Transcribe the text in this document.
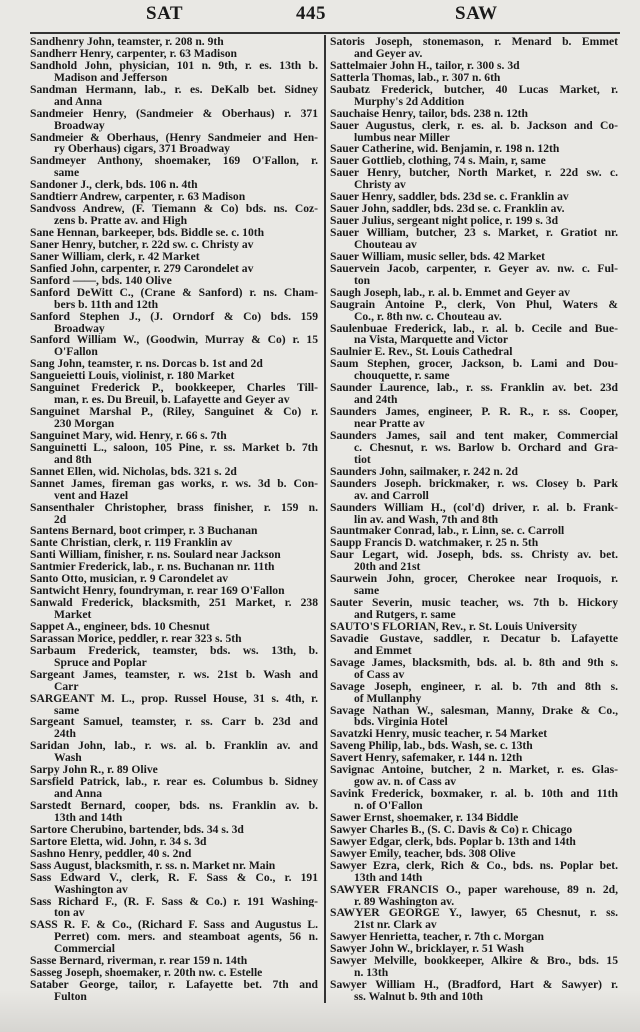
SAT	445	SAW
Sandhenry John, teamster, r. 208 n. 9th
Sandherr Henry, carpenter, r. 63 Madison
Sandhold John, physician, 101 n. 9th, r. es. 13th b.
Madison and Jefferson
Sandman Hermann, lab., r. es. DeKalb bet. Sidney
and Anna
Sandmeier Henry, (Sandmeier & Oberhaus) r. 371
Broadway
Sandmeier & Oberhaus, (Henry Sandmeier and Hen-
ry Oberhaus) cigars, 371 Broadway
Sandmeyer Anthony, shoemaker, 169 O'Fallon, r.
same
Sandoner J., clerk, bds. 106 n. 4th
Sandtierr Andrew, carpenter, r. 63 Madison
Sandvoss Andrew, (F. Tiemann & Co) bds. ns. Coz-
zens b. Pratte av. and High
Sane Hennan, barkeeper, bds. Biddle se. c. 10th
Saner Henry, butcher, r. 22d sw. c. Christy av
Saner William, clerk, r. 42 Market
Sanfied John, carpenter, r. 279 Carondelet av
Sanford ——, bds. 140 Olive
Sanford DeWitt C., (Crane & Sanford) r. ns. Cham-
bers b. 11th and 12th
Sanford Stephen J., (J. Orndorf & Co) bds. 159
Broadway
Sanford William W., (Goodwin, Murray & Co) r. 15
O'Fallon
Sang John, teamster, r. ns. Dorcas b. 1st and 2d
Sangueietti Louis, violinist, r. 180 Market
Sanguinet Frederick P., bookkeeper, Charles Till-
man, r. es. Du Breuil, b. Lafayette and Geyer av
Sanguinet Marshal P., (Riley, Sanguinet & Co) r.
230 Morgan
Sanguinet Mary, wid. Henry, r. 66 s. 7th
Sanguinetti L., saloon, 105 Pine, r. ss. Market b. 7th
and 8th
Sannet Ellen, wid. Nicholas, bds. 321 s. 2d
Sannet James, fireman gas works, r. ws. 3d b. Con-
vent and Hazel
Sansenthaler Christopher, brass finisher, r. 159 n.
2d
Santens Bernard, boot crimper, r. 3 Buchanan
Sante Christian, clerk, r. 119 Franklin av
Santi William, finisher, r. ns. Soulard near Jackson
Santmier Frederick, lab., r. ns. Buchanan nr. 11th
Santo Otto, musician, r. 9 Carondelet av
Santwicht Henry, foundryman, r. rear 169 O'Fallon
Sanwald Frederick, blacksmith, 251 Market, r. 238
Market
Sappet A., engineer, bds. 10 Chesnut
Sarassan Morice, peddler, r. rear 323 s. 5th
Sarbaum Frederick, teamster, bds. ws. 13th, b.
Spruce and Poplar
Sargeant James, teamster, r. ws. 21st b. Wash and
Carr
SARGEANT M. L., prop. Russel House, 31 s. 4th, r.
same
Sargeant Samuel, teamster, r. ss. Carr b. 23d and
24th
Saridan John, lab., r. ws. al. b. Franklin av. and
Wash
Sarpy John R., r. 89 Olive
Sarsfield Patrick, lab., r. rear es. Columbus b. Sidney
and Anna
Sarstedt Bernard, cooper, bds. ns. Franklin av. b.
13th and 14th
Sartore Cherubino, bartender, bds. 34 s. 3d
Sartore Eletta, wid. John, r. 34 s. 3d
Sashno Henry, peddler, 40 s. 2nd
Sass August, blacksmith, r. ss. n. Market nr. Main
Sass Edward V., clerk, R. F. Sass & Co., r. 191
Washington av
Sass Richard F., (R. F. Sass & Co.) r. 191 Washing-
ton av
SASS R. F. & Co., (Richard F. Sass and Augustus L.
Perret) com. mers. and steamboat agents, 56 n.
Commercial
Sasse Bernard, riverman, r. rear 159 n. 14th
Sasseg Joseph, shoemaker, r. 20th nw. c. Estelle
Sataber George, tailor, r. Lafayette bet. 7th and
Fulton
Satoris Joseph, stonemason, r. Menard b. Emmet
and Geyer av.
Sattelmaier John H., tailor, r. 300 s. 3d
Satterla Thomas, lab., r. 307 n. 6th
Saubatz Frederick, butcher, 40 Lucas Market, r.
Murphy's 2d Addition
Sauchaise Henry, tailor, bds. 238 n. 12th
Sauer Augustus, clerk, r. es. al. b. Jackson and Co-
lumbus near Miller
Sauer Catherine, wid. Benjamin, r. 198 n. 12th
Sauer Gottlieb, clothing, 74 s. Main, r, same
Sauer Henry, butcher, North Market, r. 22d sw. c.
Christy av
Sauer Henry, saddler, bds. 23d se. c. Franklin av
Sauer John, saddler, bds. 23d se. c. Franklin av.
Sauer Julius, sergeant night police, r. 199 s. 3d
Sauer William, butcher, 23 s. Market, r. Gratiot nr.
Chouteau av
Sauer William, music seller, bds. 42 Market
Sauervein Jacob, carpenter, r. Geyer av. nw. c. Ful-
ton
Saugh Joseph, lab., r. al. b. Emmet and Geyer av
Saugrain Antoine P., clerk, Von Phul, Waters &
Co., r. 8th nw. c. Chouteau av.
Saulenbuae Frederick, lab., r. al. b. Cecile and Bue-
na Vista, Marquette and Victor
Saulnier E. Rev., St. Louis Cathedral
Saum Stephen, grocer, Jackson, b. Lami and Dou-
chouquette, r. same
Saunder Laurence, lab., r. ss. Franklin av. bet. 23d
and 24th
Saunders James, engineer, P. R. R., r. ss. Cooper,
near Pratte av
Saunders James, sail and tent maker, Commercial
c. Chesnut, r. ws. Barlow b. Orchard and Gra-
tiot
Saunders John, sailmaker, r. 242 n. 2d
Saunders Joseph. brickmaker, r. ws. Closey b. Park
av. and Carroll
Saunders William H., (col'd) driver, r. al. b. Frank-
lin av. and Wash, 7th and 8th
Sauntmaker Conrad, lab., r. Linn, se. c. Carroll
Saupp Francis D. watchmaker, r. 25 n. 5th
Saur Legart, wid. Joseph, bds. ss. Christy av. bet.
20th and 21st
Saurwein John, grocer, Cherokee near Iroquois, r.
same
Sauter Severin, music teacher, ws. 7th b. Hickory
and Rutgers, r. same
SAUTO'S FLORIAN, Rev., r. St. Louis University
Savadie Gustave, saddler, r. Decatur b. Lafayette
and Emmet
Savage James, blacksmith, bds. al. b. 8th and 9th s.
of Cass av
Savage Joseph, engineer, r. al. b. 7th and 8th s.
of Mullanphy
Savage Nathan W., salesman, Manny, Drake & Co.,
bds. Virginia Hotel
Savatzki Henry, music teacher, r. 54 Market
Saveng Philip, lab., bds. Wash, se. c. 13th
Savert Henry, safemaker, r. 144 n. 12th
Savignac Antoine, butcher, 2 n. Market, r. es. Glas-
gow av. n. of Cass av
Savink Frederick, boxmaker, r. al. b. 10th and 11th
n. of O'Fallon
Sawer Ernst, shoemaker, r. 134 Biddle
Sawyer Charles B., (S. C. Davis & Co) r. Chicago
Sawyer Edgar, clerk, bds. Poplar b. 13th and 14th
Sawyer Emily, teacher, bds. 308 Olive
Sawyer Ezra, clerk, Rich & Co., bds. ns. Poplar bet.
13th and 14th
SAWYER FRANCIS O., paper warehouse, 89 n. 2d,
r. 89 Washington av.
SAWYER GEORGE Y., lawyer, 65 Chesnut, r. ss.
21st nr. Clark av
Sawyer Henrietta, teacher, r. 7th c. Morgan
Sawyer John W., bricklayer, r. 51 Wash
Sawyer Melville, bookkeeper, Alkire & Bro., bds. 15
n. 13th
Sawyer William H., (Bradford, Hart & Sawyer) r.
ss. Walnut b. 9th and 10th
